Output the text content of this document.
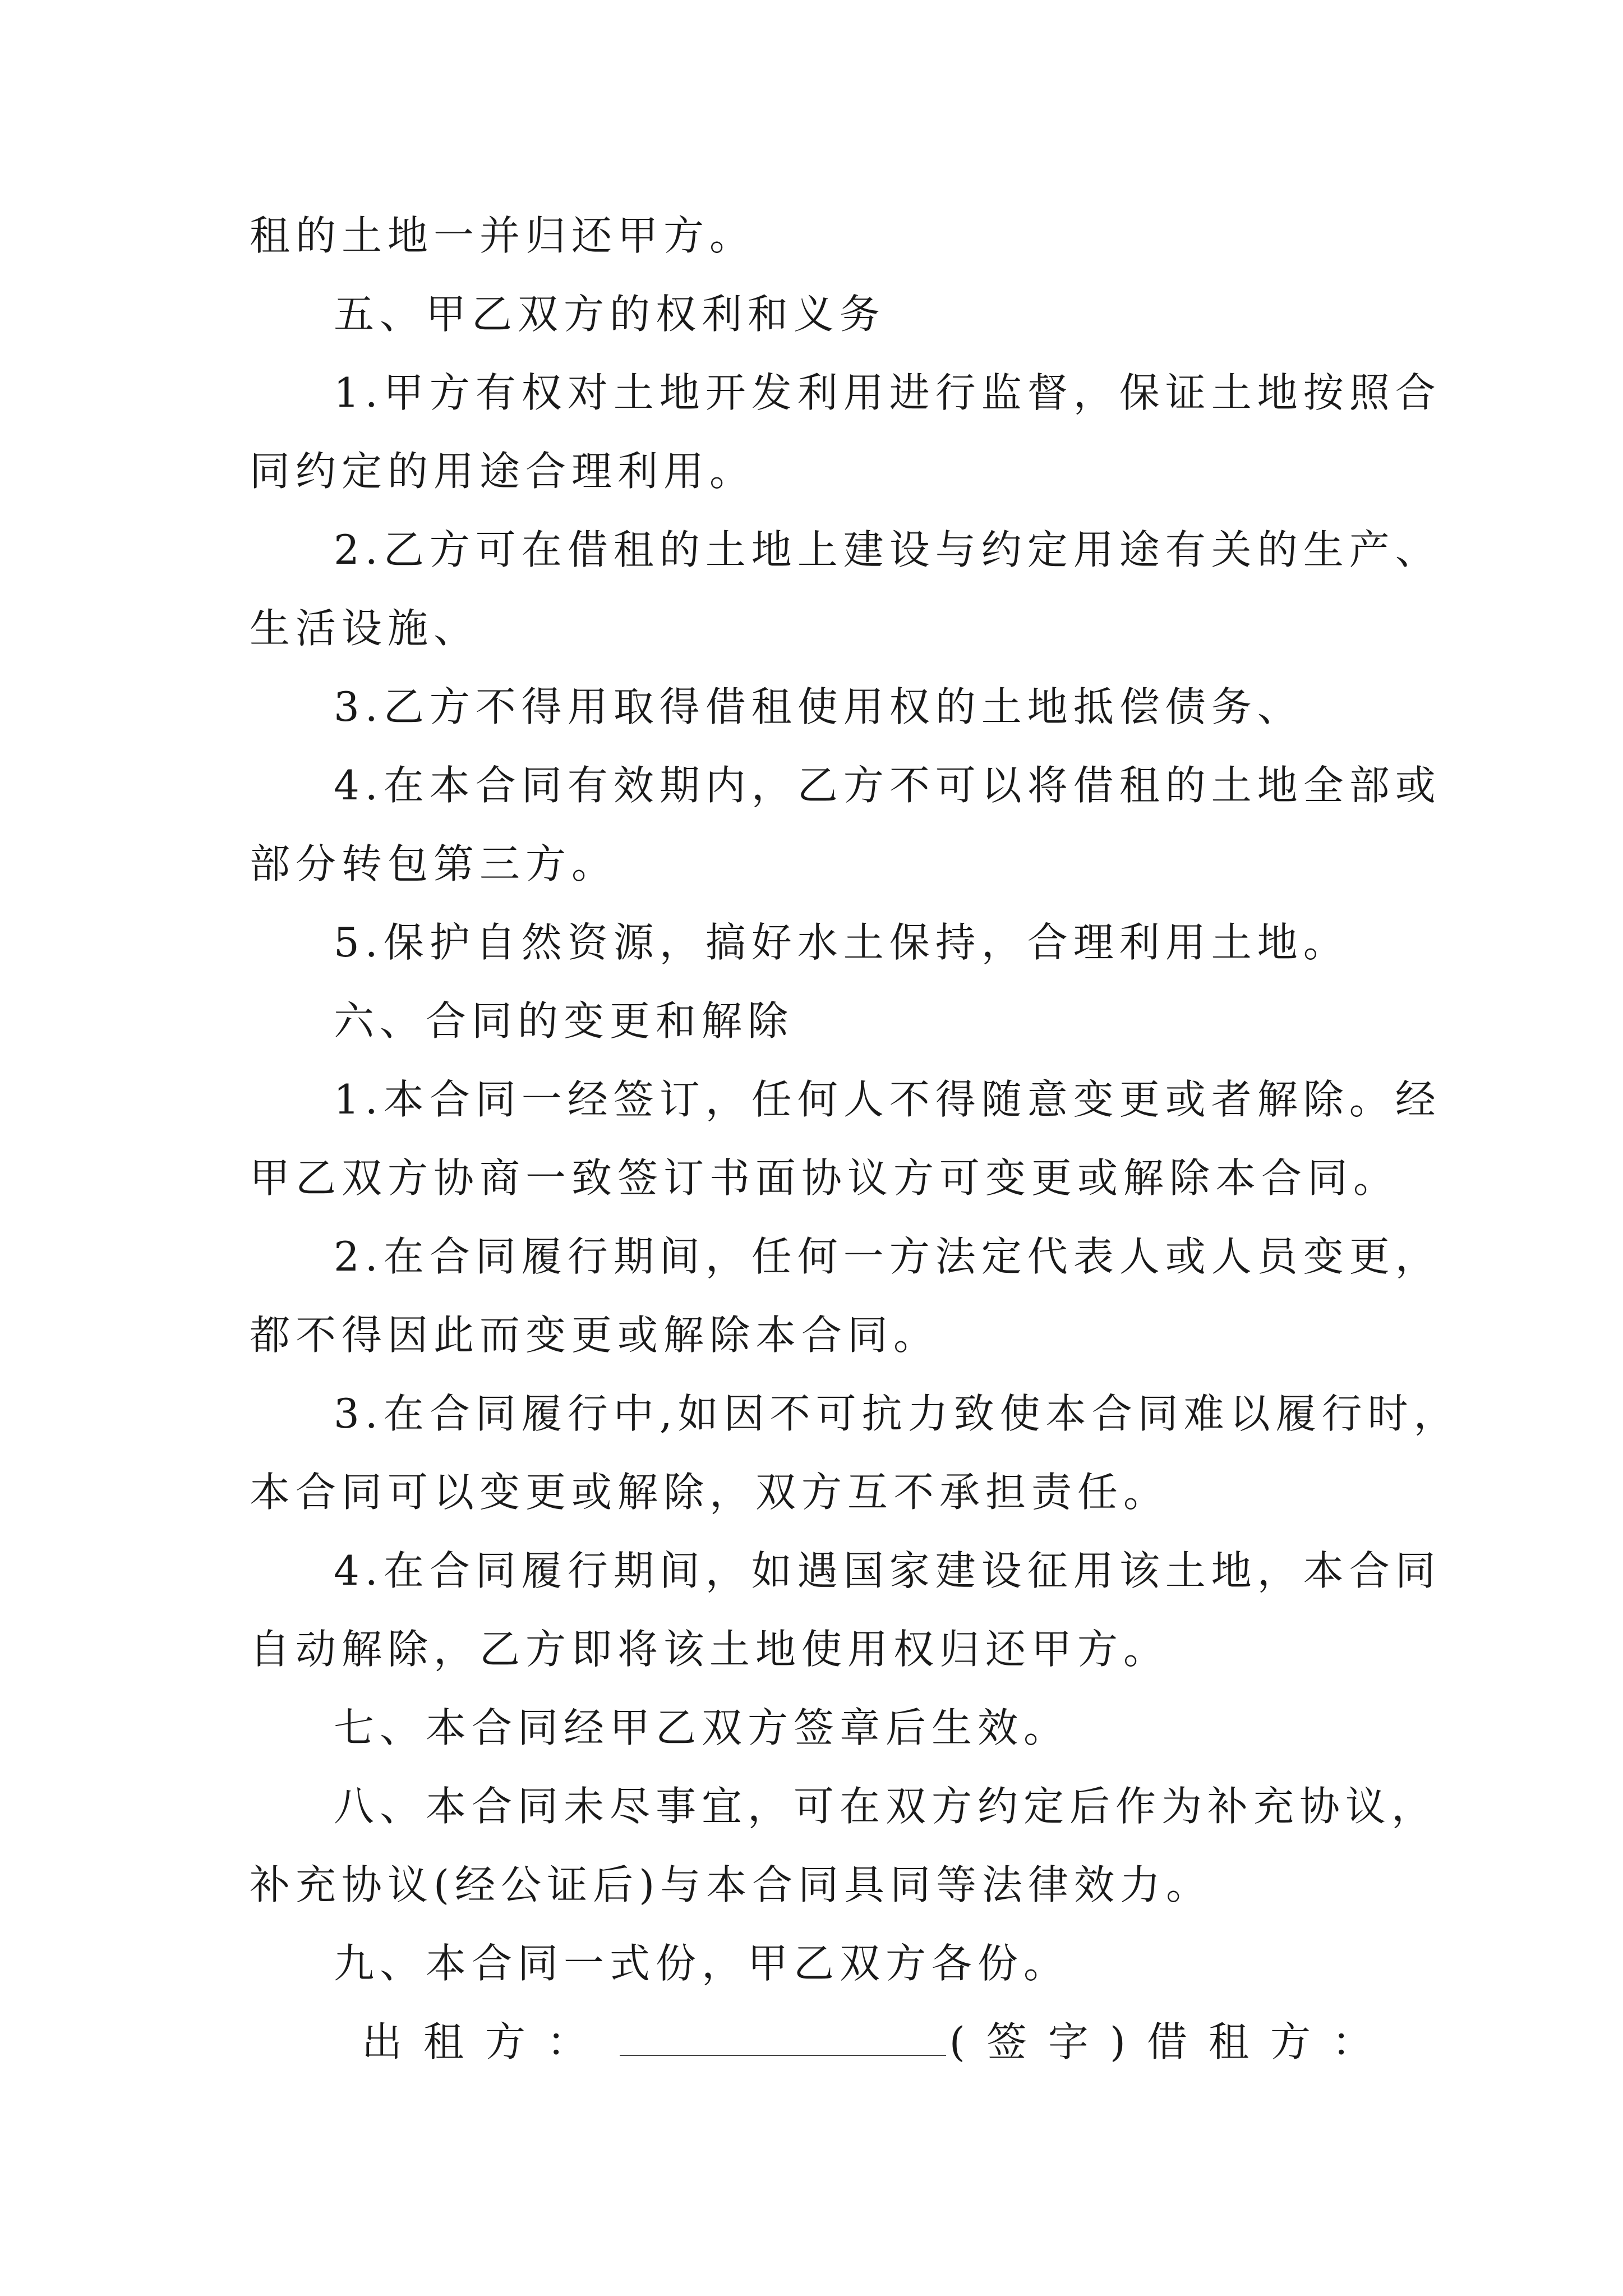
租的土地一并归还甲方。
五、甲乙双方的权利和义务
1.甲方有权对土地开发利用进行监督，保证土地按照合
同约定的用途合理利用。
2.乙方可在借租的土地上建设与约定用途有关的生产、
生活设施、
3.乙方不得用取得借租使用权的土地抵偿债务、
4.在本合同有效期内，乙方不可以将借租的土地全部或
部分转包第三方。
5.保护自然资源，搞好水土保持，合理利用土地。
六、合同的变更和解除
1.本合同一经签订，任何人不得随意变更或者解除。经
甲乙双方协商一致签订书面协议方可变更或解除本合同。
2.在合同履行期间，任何一方法定代表人或人员变更，
都不得因此而变更或解除本合同。
3.在合同履行中,如因不可抗力致使本合同难以履行时，
本合同可以变更或解除，双方互不承担责任。
4.在合同履行期间，如遇国家建设征用该土地，本合同
自动解除，乙方即将该土地使用权归还甲方。
七、本合同经甲乙双方签章后生效。
八、本合同未尽事宜，可在双方约定后作为补充协议，
补充协议(经公证后)与本合同具同等法律效力。
九、本合同一式份，甲乙双方各份。
出租方：	(签字) 借租方：
